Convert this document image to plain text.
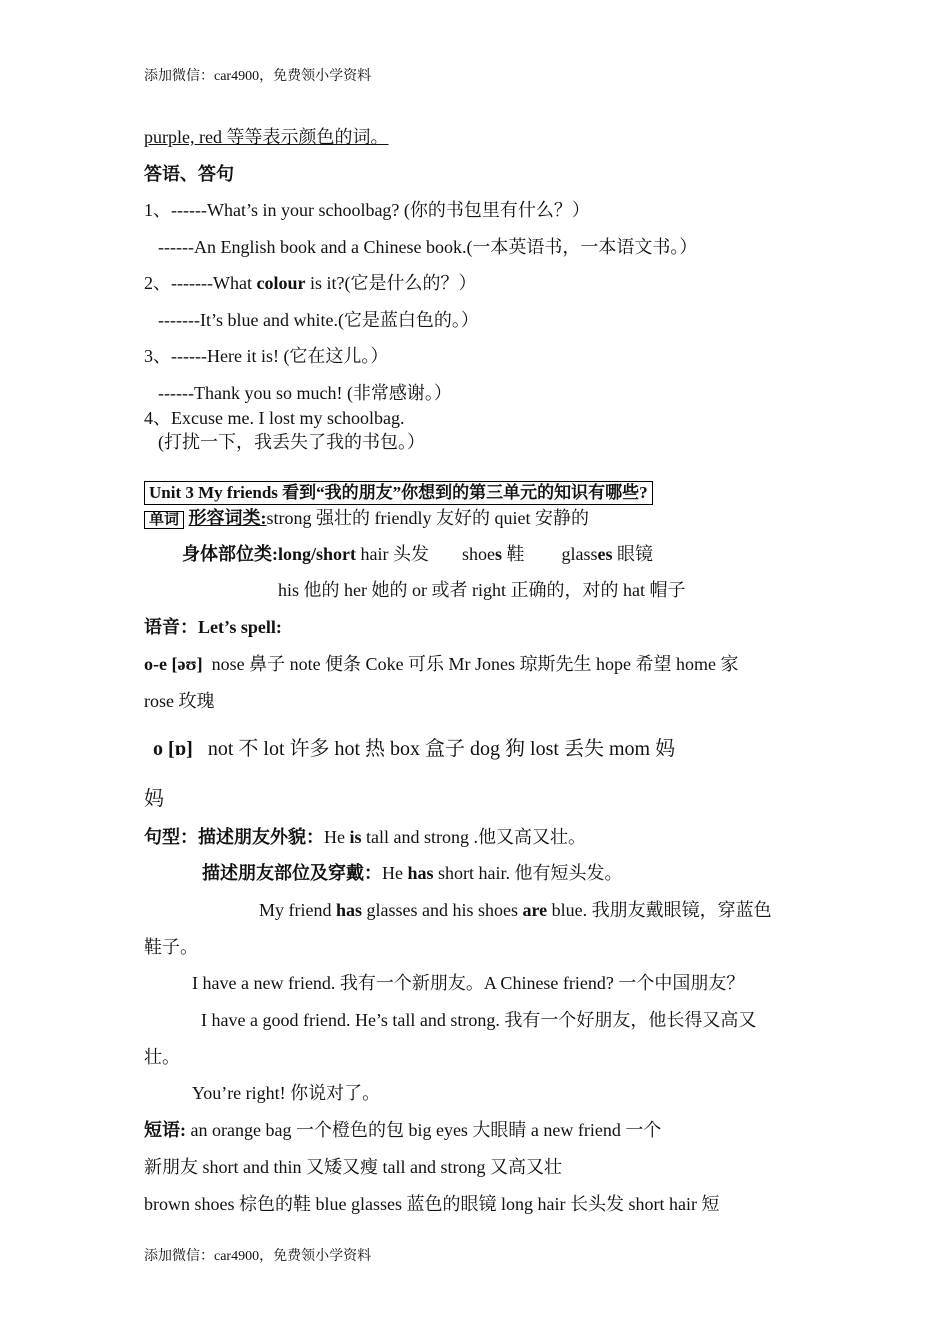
添加微信：car4900，免费领小学资料
purple, red 等等表示颜色的词。
答语、答句
1、------What’s in your schoolbag? (你的书包里有什么？）
------An English book and a Chinese book.(一本英语书，一本语文书。）
2、-------What colour is it?(它是什么的？）
-------It’s blue and white.(它是蓝白色的。）
3、------Here it is! (它在这儿。）
------Thank you so much! (非常感谢。）
4、Excuse me. I lost my schoolbag.
(打扰一下，我丢失了我的书包。）
Unit 3 My friends 看到“我的朋友”你想到的第三单元的知识有哪些?
单词 形容词类:strong 强壮的 friendly 友好的 quiet 安静的
身体部位类:long/short hair 头发 shoes 鞋 glasses 眼镜
his 他的 her 她的 or 或者 right 正确的，对的 hat 帽子
语音：Let’s spell:
o-e [əʊ] nose 鼻子 note 便条 Coke 可乐 Mr Jones 琼斯先生 hope 希望 home 家
rose 玫瑰
o [ɒ] not 不 lot 许多 hot 热 box 盒子 dog 狗 lost 丢失 mom 妈
妈
句型：描述朋友外貌：He is tall and strong .他又高又壮。
描述朋友部位及穿戴：He has short hair. 他有短头发。
My friend has glasses and his shoes are blue. 我朋友戴眼镜，穿蓝色
鞋子。
I have a new friend. 我有一个新朋友。A Chinese friend? 一个中国朋友？
I have a good friend. He’s tall and strong. 我有一个好朋友，他长得又高又
壮。
You’re right! 你说对了。
短语: an orange bag 一个橙色的包 big eyes 大眼睛 a new friend 一个
新朋友 short and thin 又矮又瘦 tall and strong 又高又壮
brown shoes 棕色的鞋 blue glasses 蓝色的眼镜 long hair 长头发 short hair 短
添加微信：car4900，免费领小学资料
